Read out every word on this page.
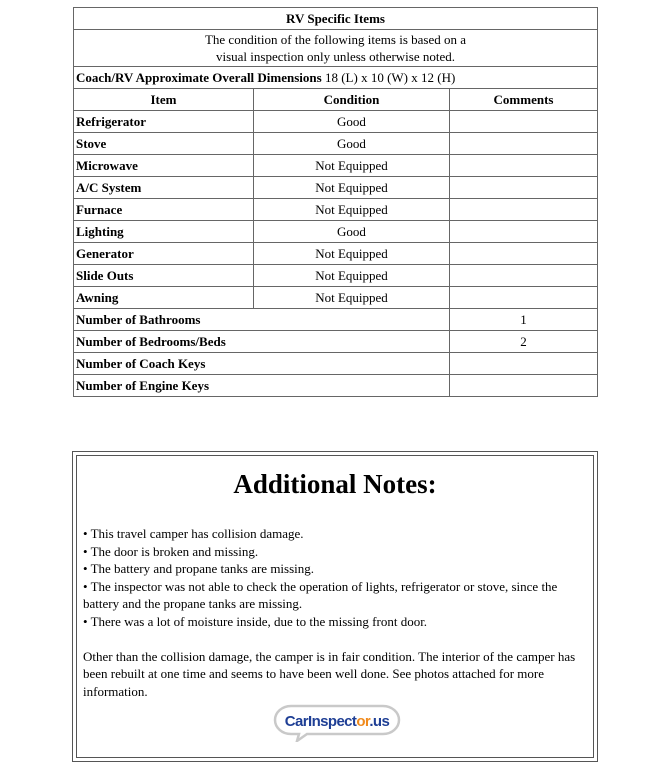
RV Specific Items		

The condition of the following items is based on a
visual inspection only unless otherwise noted.		

Coach/RV Approximate Overall Dimensions 18 (L) x 10 (W) x 12 (H)		
Item	Condition	Comments
Refrigerator	Good	
Stove	Good	
Microwave	Not Equipped	
A/C System	Not Equipped	
Furnace	Not Equipped	
Lighting	Good	
Generator	Not Equipped	
Slide Outs	Not Equipped	
Awning	Not Equipped	
Number of Bathrooms		1
Number of Bedrooms/Beds		2
Number of Coach Keys		
Number of Engine Keys		
Additional Notes:
• This travel camper has collision damage.
• The door is broken and missing.
• The battery and propane tanks are missing.
• The inspector was not able to check the operation of lights, refrigerator or stove, since the battery and the propane tanks are missing.
• There was a lot of moisture inside, due to the missing front door.
Other than the collision damage, the camper is in fair condition. The interior of the camper has been rebuilt at one time and seems to have been well done. See photos attached for more information.
CarInspector.us
